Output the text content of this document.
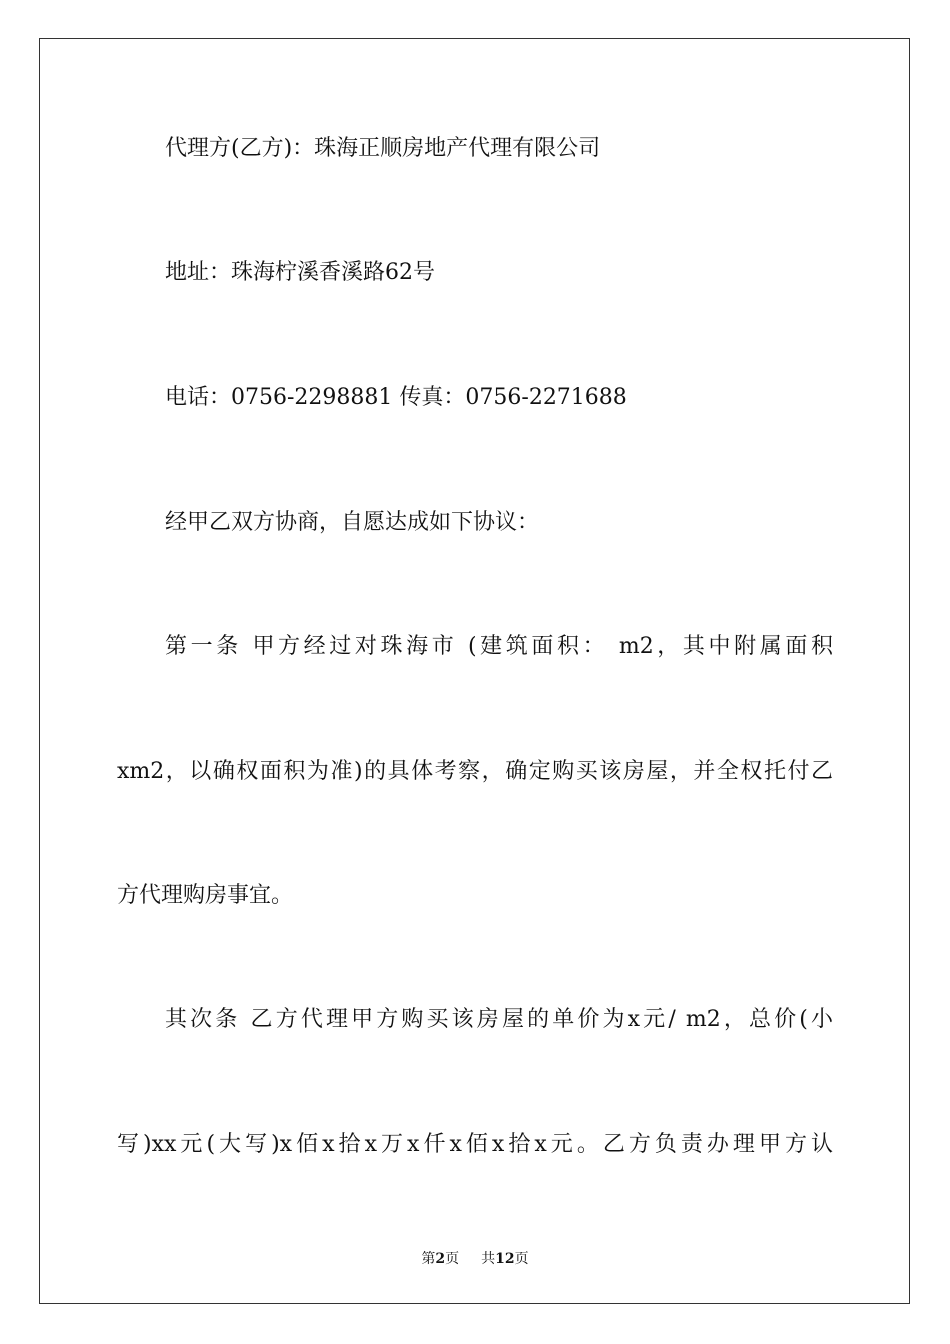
代理方(乙方)：珠海正顺房地产代理有限公司

地址：珠海柠溪香溪路62号

电话：0756-2298881 传真：0756-2271688

经甲乙双方协商，自愿达成如下协议：

第一条 甲方经过对珠海市 (建筑面积： m2，其中附属面积

xm2，以确权面积为准)的具体考察，确定购买该房屋，并全权托付乙

方代理购房事宜。

其次条 乙方代理甲方购买该房屋的单价为x元/ m2，总价(小

写)xx元(大写)x佰x拾x万x仟x佰x拾x元。乙方负责办理甲方认

第2页 共12页
